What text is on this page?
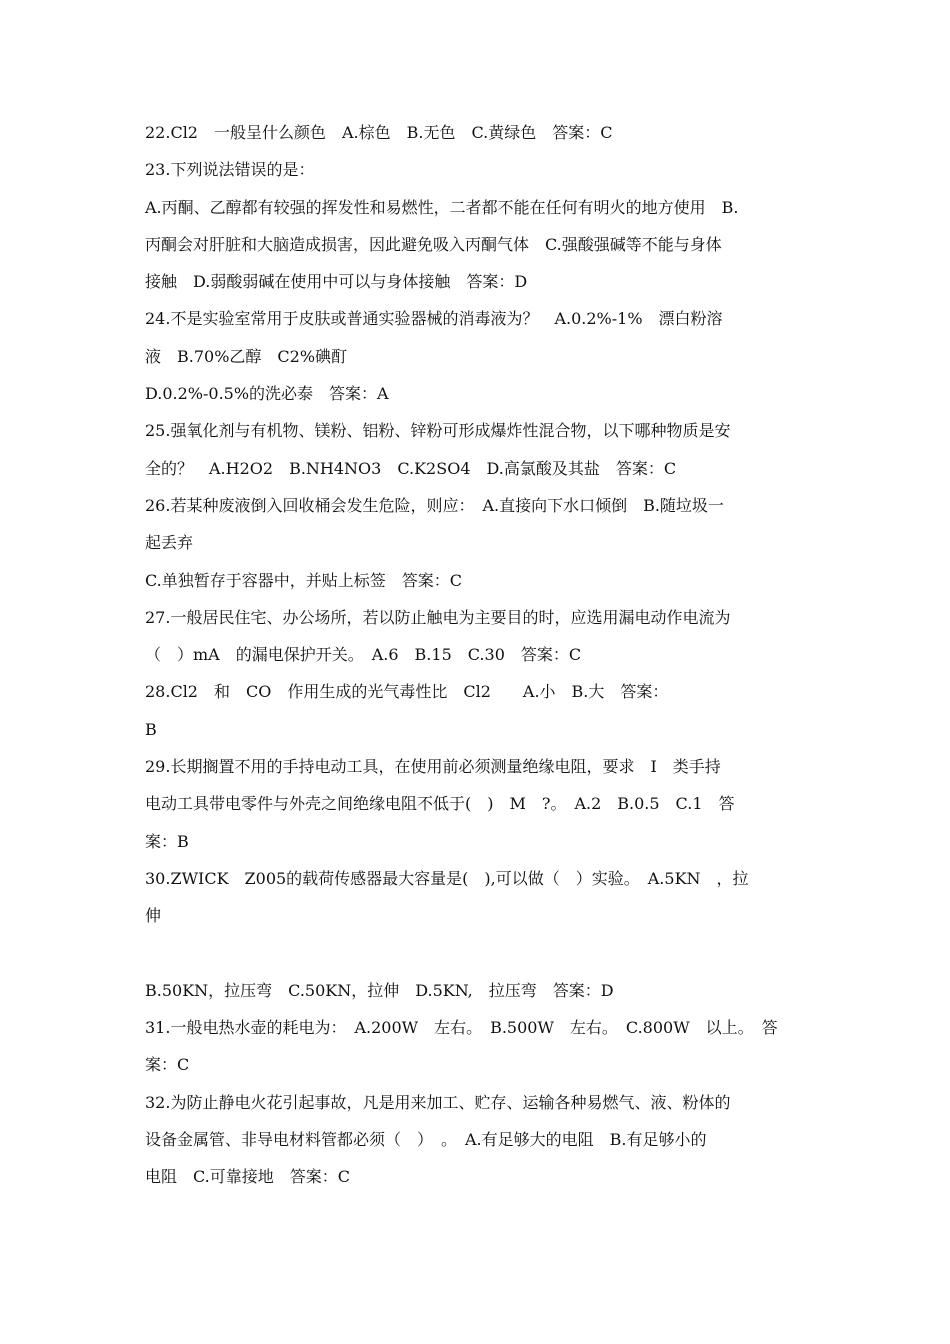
22.Cl2　一般呈什么颜色　A.棕色　B.无色　C.黄绿色　答案：C

23.下列说法错误的是：

A.丙酮、乙醇都有较强的挥发性和易燃性，二者都不能在任何有明火的地方使用　B.

丙酮会对肝脏和大脑造成损害，因此避免吸入丙酮气体　C.强酸强碱等不能与身体

接触　D.弱酸弱碱在使用中可以与身体接触　答案：D

24.不是实验室常用于皮肤或普通实验器械的消毒液为？　A.0.2%-1%　漂白粉溶

液　B.70%乙醇　C2%碘酊

D.0.2%-0.5%的洗必泰　答案：A

25.强氧化剂与有机物、镁粉、铝粉、锌粉可形成爆炸性混合物，以下哪种物质是安

全的？　A.H2O2　B.NH4NO3　C.K2SO4　D.高氯酸及其盐　答案：C

26.若某种废液倒入回收桶会发生危险，则应：　A.直接向下水口倾倒　B.随垃圾一

起丢弃

C.单独暂存于容器中，并贴上标签　答案：C

27.一般居民住宅、办公场所，若以防止触电为主要目的时，应选用漏电动作电流为

（　）mA　的漏电保护开关。　A.6　B.15　C.30　答案：C

28.Cl2　和　CO　作用生成的光气毒性比　Cl2　　A.小　B.大　答案：

B

29.长期搁置不用的手持电动工具，在使用前必须测量绝缘电阻，要求　I　类手持

电动工具带电零件与外壳之间绝缘电阻不低于(　)　M　?。　A.2　B.0.5　C.1　答

案：B

30.ZWICK　Z005的载荷传感器最大容量是(　),可以做（　）实验。　A.5KN　，拉

伸

B.50KN，拉压弯　C.50KN，拉伸　D.5KN,　拉压弯　答案：D

31.一般电热水壶的耗电为：　A.200W　左右。　B.500W　左右。　C.800W　以上。　答

案：C

32.为防止静电火花引起事故，凡是用来加工、贮存、运输各种易燃气、液、粉体的

设备金属管、非导电材料管都必须（　）　。　A.有足够大的电阻　B.有足够小的

电阻　C.可靠接地　答案：C
